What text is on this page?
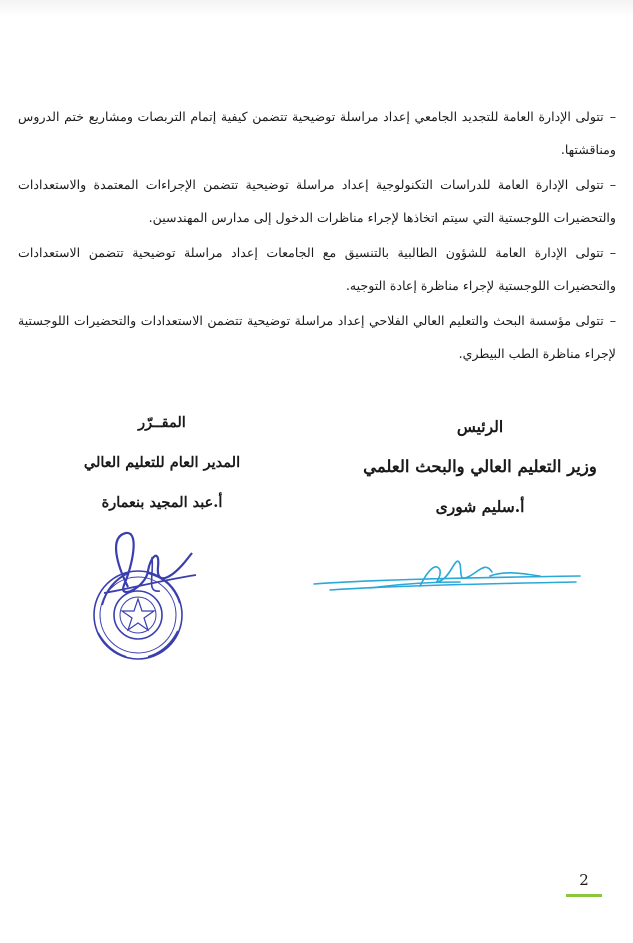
–تتولى الإدارة العامة للتجديد الجامعي إعداد مراسلة توضيحية تتضمن كيفية إتمام التربصات ومشاريع ختم الدروس ومناقشتها.

–تتولى الإدارة العامة للدراسات التكنولوجية إعداد مراسلة توضيحية تتضمن الإجراءات المعتمدة والاستعدادات والتحضيرات اللوجستية التي سيتم اتخاذها لإجراء مناظرات الدخول إلى مدارس المهندسين.

–تتولى الإدارة العامة للشؤون الطالبية بالتنسيق مع الجامعات إعداد مراسلة توضيحية تتضمن الاستعدادات والتحضيرات اللوجستية لإجراء مناظرة إعادة التوجيه.

–تتولى مؤسسة البحث والتعليم العالي الفلاحي إعداد مراسلة توضيحية تتضمن الاستعدادات والتحضيرات اللوجستية لإجراء مناظرة الطب البيطري.

المقــرّر
المدير العام للتعليم العالي
أ.عبد المجيد بنعمارة
الرئيس
وزير التعليم العالي والبحث العلمي
أ.سليم شورى
2
